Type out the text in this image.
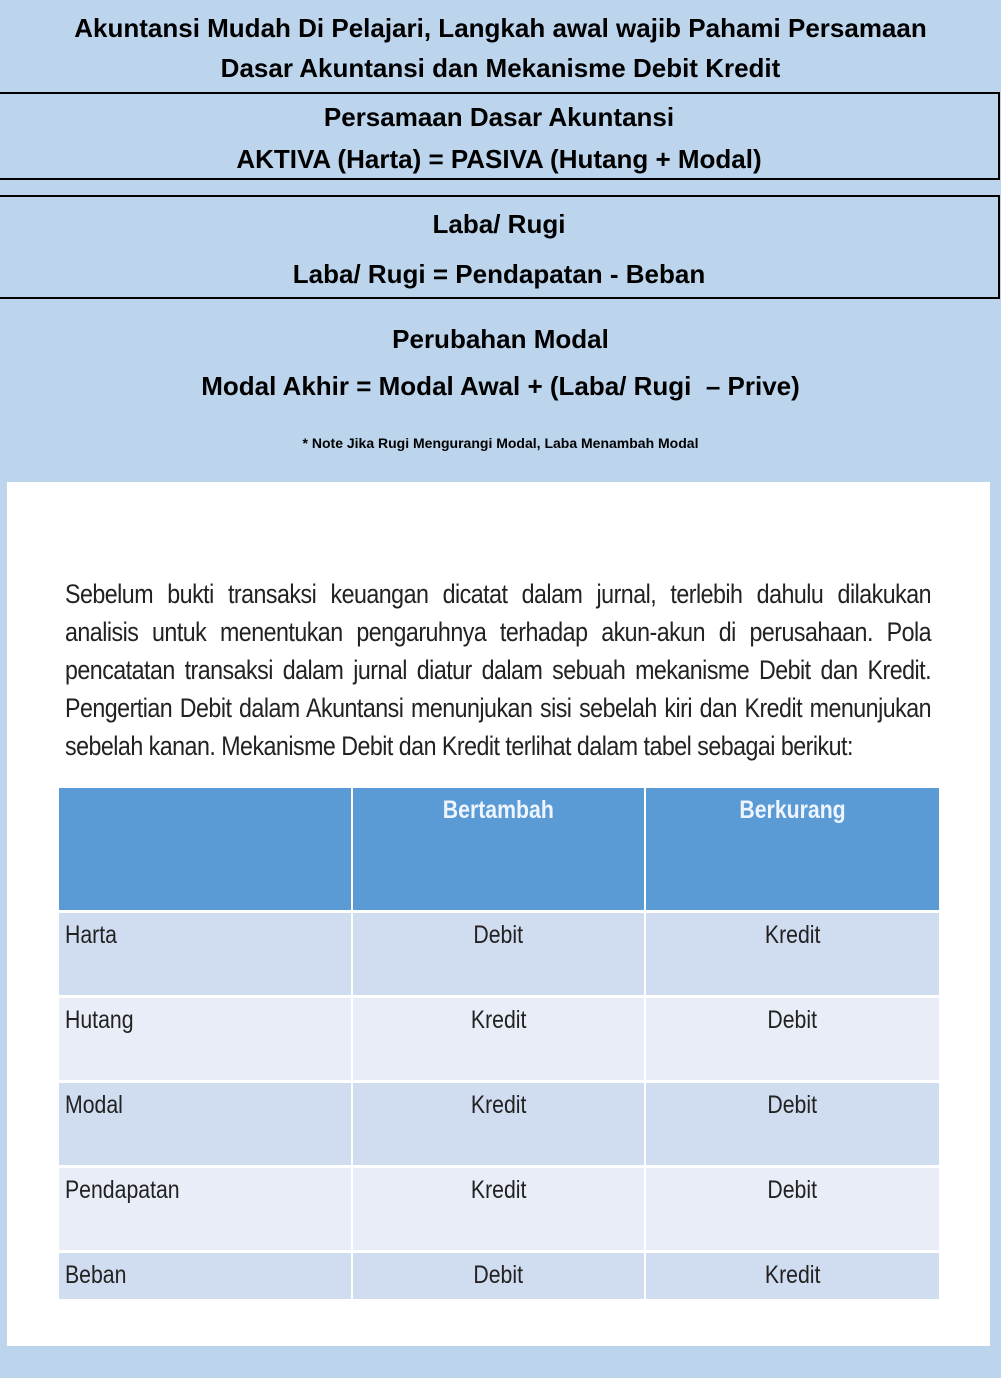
Akuntansi Mudah Di Pelajari, Langkah awal wajib Pahami Persamaan
Dasar Akuntansi dan Mekanisme Debit Kredit
Persamaan Dasar Akuntansi
AKTIVA (Harta) = PASIVA (Hutang + Modal)
Laba/ Rugi
Laba/ Rugi = Pendapatan - Beban
Perubahan Modal
Modal Akhir = Modal Awal + (Laba/ Rugi  – Prive)
* Note Jika Rugi Mengurangi Modal, Laba Menambah Modal
Sebelum bukti transaksi keuangan dicatat dalam jurnal, terlebih dahulu dilakukan analisis untuk menentukan pengaruhnya terhadap akun-akun di perusahaan. Pola pencatatan transaksi dalam jurnal diatur dalam sebuah mekanisme Debit dan Kredit. Pengertian Debit dalam Akuntansi menunjukan sisi sebelah kiri dan Kredit menunjukan sebelah kanan. Mekanisme Debit dan Kredit terlihat dalam tabel sebagai berikut:
	Bertambah	Berkurang
Harta	Debit	Kredit
Hutang	Kredit	Debit
Modal	Kredit	Debit
Pendapatan	Kredit	Debit
Beban	Debit	Kredit
